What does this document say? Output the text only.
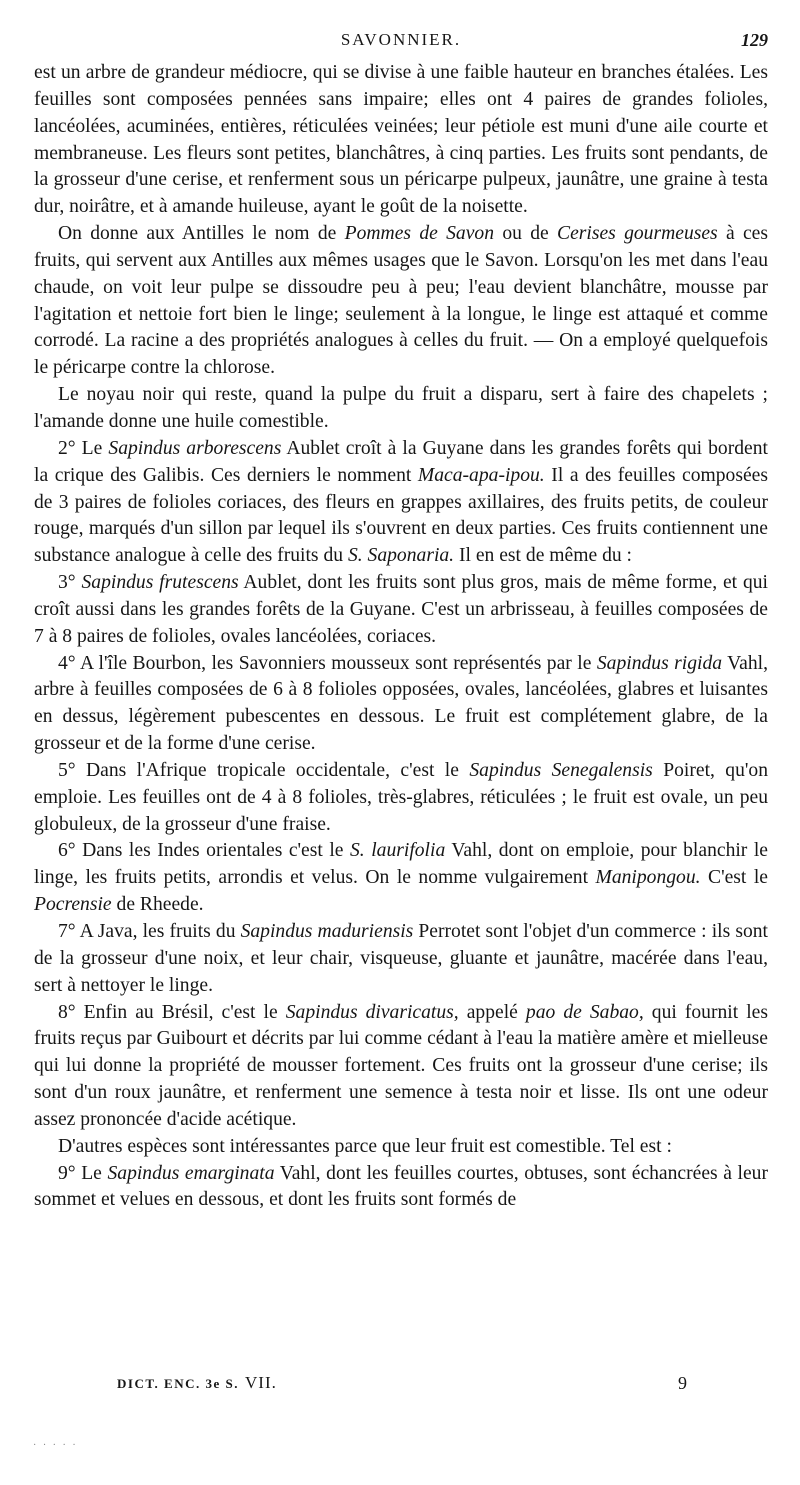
SAVONNIER.	129

est un arbre de grandeur médiocre, qui se divise à une faible hauteur en branches étalées. Les feuilles sont composées pennées sans impaire; elles ont 4 paires de grandes folioles, lancéolées, acuminées, entières, réticulées veinées; leur pétiole est muni d'une aile courte et membraneuse. Les fleurs sont petites, blanchâtres, à cinq parties. Les fruits sont pendants, de la grosseur d'une cerise, et renferment sous un péricarpe pulpeux, jaunâtre, une graine à testa dur, noirâtre, et à amande huileuse, ayant le goût de la noisette.

On donne aux Antilles le nom de Pommes de Savon ou de Cerises gourmeuses à ces fruits, qui servent aux Antilles aux mêmes usages que le Savon. Lorsqu'on les met dans l'eau chaude, on voit leur pulpe se dissoudre peu à peu; l'eau devient blanchâtre, mousse par l'agitation et nettoie fort bien le linge; seulement à la longue, le linge est attaqué et comme corrodé. La racine a des propriétés analogues à celles du fruit. — On a employé quelquefois le péricarpe contre la chlorose.

Le noyau noir qui reste, quand la pulpe du fruit a disparu, sert à faire des chapelets ; l'amande donne une huile comestible.

2° Le Sapindus arborescens Aublet croît à la Guyane dans les grandes forêts qui bordent la crique des Galibis. Ces derniers le nomment Maca-apa-ipou. Il a des feuilles composées de 3 paires de folioles coriaces, des fleurs en grappes axillaires, des fruits petits, de couleur rouge, marqués d'un sillon par lequel ils s'ouvrent en deux parties. Ces fruits contiennent une substance analogue à celle des fruits du S. Saponaria. Il en est de même du :

3° Sapindus frutescens Aublet, dont les fruits sont plus gros, mais de même forme, et qui croît aussi dans les grandes forêts de la Guyane. C'est un arbrisseau, à feuilles composées de 7 à 8 paires de folioles, ovales lancéolées, coriaces.

4° A l'île Bourbon, les Savonniers mousseux sont représentés par le Sapindus rigida Vahl, arbre à feuilles composées de 6 à 8 folioles opposées, ovales, lancéolées, glabres et luisantes en dessus, légèrement pubescentes en dessous. Le fruit est complétement glabre, de la grosseur et de la forme d'une cerise.

5° Dans l'Afrique tropicale occidentale, c'est le Sapindus Senegalensis Poiret, qu'on emploie. Les feuilles ont de 4 à 8 folioles, très-glabres, réticulées ; le fruit est ovale, un peu globuleux, de la grosseur d'une fraise.

6° Dans les Indes orientales c'est le S. laurifolia Vahl, dont on emploie, pour blanchir le linge, les fruits petits, arrondis et velus. On le nomme vulgairement Manipongou. C'est le Pocrensie de Rheede.

7° A Java, les fruits du Sapindus maduriensis Perrotet sont l'objet d'un commerce : ils sont de la grosseur d'une noix, et leur chair, visqueuse, gluante et jaunâtre, macérée dans l'eau, sert à nettoyer le linge.

8° Enfin au Brésil, c'est le Sapindus divaricatus, appelé pao de Sabao, qui fournit les fruits reçus par Guibourt et décrits par lui comme cédant à l'eau la matière amère et mielleuse qui lui donne la propriété de mousser fortement. Ces fruits ont la grosseur d'une cerise; ils sont d'un roux jaunâtre, et renferment une semence à testa noir et lisse. Ils ont une odeur assez prononcée d'acide acétique.

D'autres espèces sont intéressantes parce que leur fruit est comestible. Tel est :

9° Le Sapindus emarginata Vahl, dont les feuilles courtes, obtuses, sont échancrées à leur sommet et velues en dessous, et dont les fruits sont formés de

DICT. ENC. 3e S. VII.	9
· · · · ·
